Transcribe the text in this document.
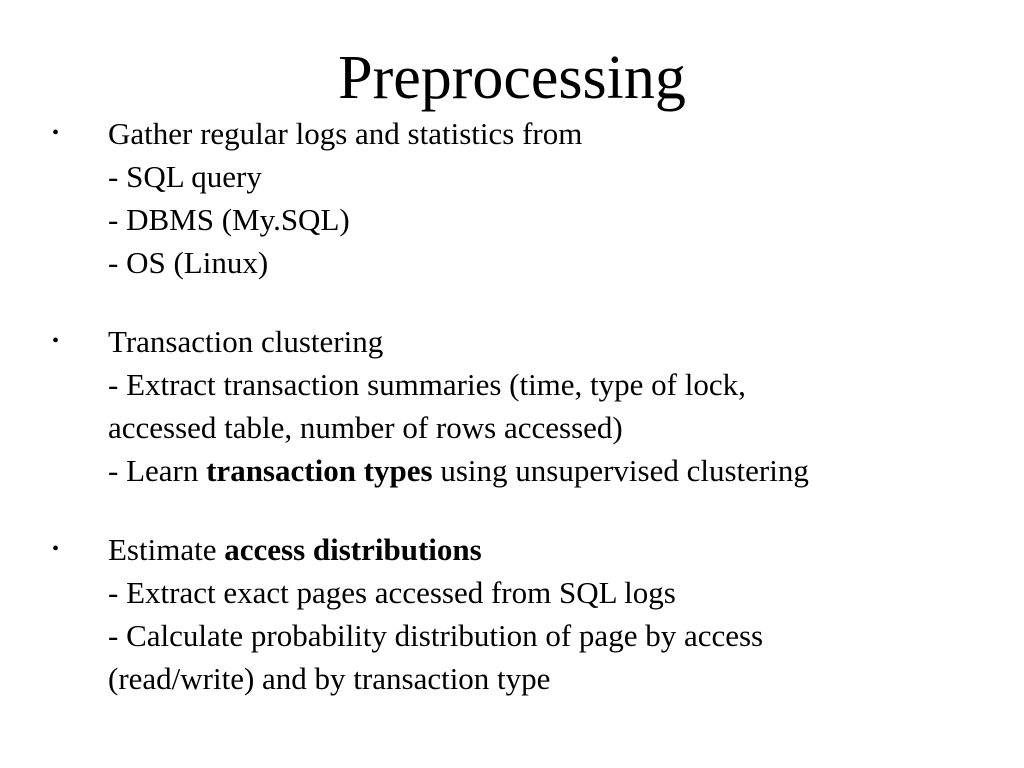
Preprocessing
• Gather regular logs and statistics from
- SQL query
- DBMS (My.SQL)
- OS (Linux)
• Transaction clustering
- Extract transaction summaries (time, type of lock,
accessed table, number of rows accessed)
- Learn transaction types using unsupervised clustering
• Estimate access distributions
- Extract exact pages accessed from SQL logs
- Calculate probability distribution of page by access
(read/write) and by transaction type
